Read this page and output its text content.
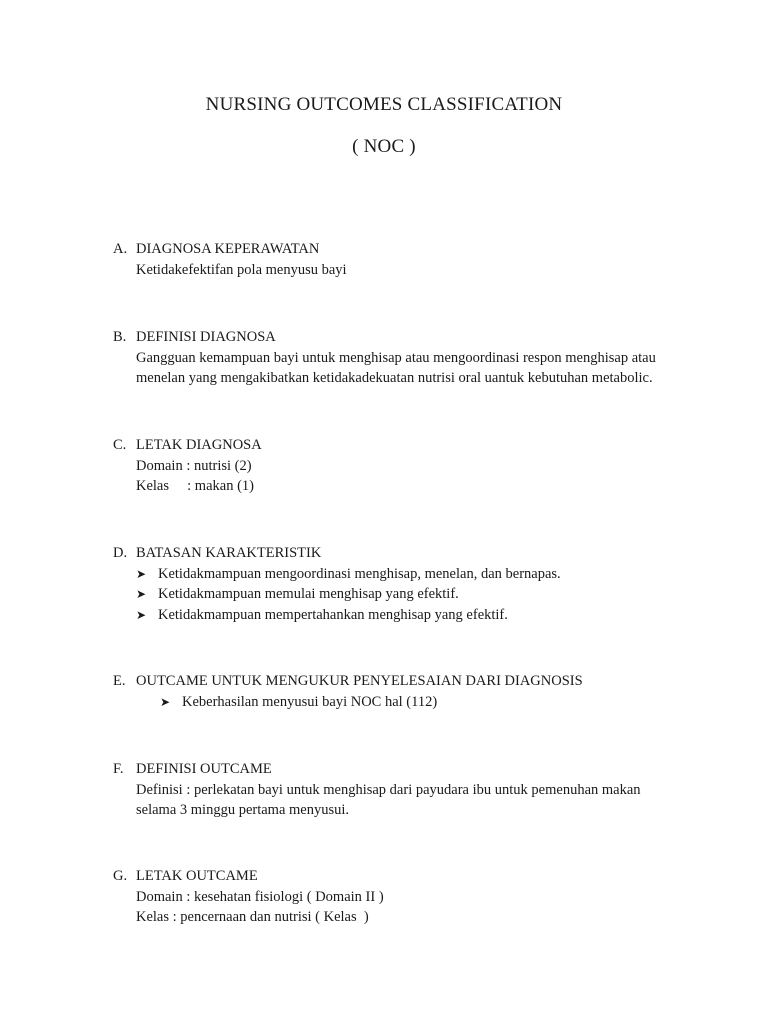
NURSING OUTCOMES CLASSIFICATION
( NOC )
A. DIAGNOSA KEPERAWATAN
Ketidakefektifan pola menyusu bayi
B. DEFINISI DIAGNOSA
Gangguan kemampuan bayi untuk menghisap atau mengoordinasi respon menghisap atau
menelan yang mengakibatkan ketidakadekuatan nutrisi oral uantuk kebutuhan metabolic.
C. LETAK DIAGNOSA
Domain : nutrisi (2)
Kelas     : makan (1)
D. BATASAN KARAKTERISTIK
➤ Ketidakmampuan mengoordinasi menghisap, menelan, dan bernapas.
➤ Ketidakmampuan memulai menghisap yang efektif.
➤ Ketidakmampuan mempertahankan menghisap yang efektif.
E. OUTCAME UNTUK MENGUKUR PENYELESAIAN DARI DIAGNOSIS
➤ Keberhasilan menyusui bayi NOC hal (112)
F. DEFINISI OUTCAME
Definisi : perlekatan bayi untuk menghisap dari payudara ibu untuk pemenuhan makan
selama 3 minggu pertama menyusui.
G. LETAK OUTCAME
Domain : kesehatan fisiologi ( Domain II )
Kelas : pencernaan dan nutrisi ( Kelas  )
